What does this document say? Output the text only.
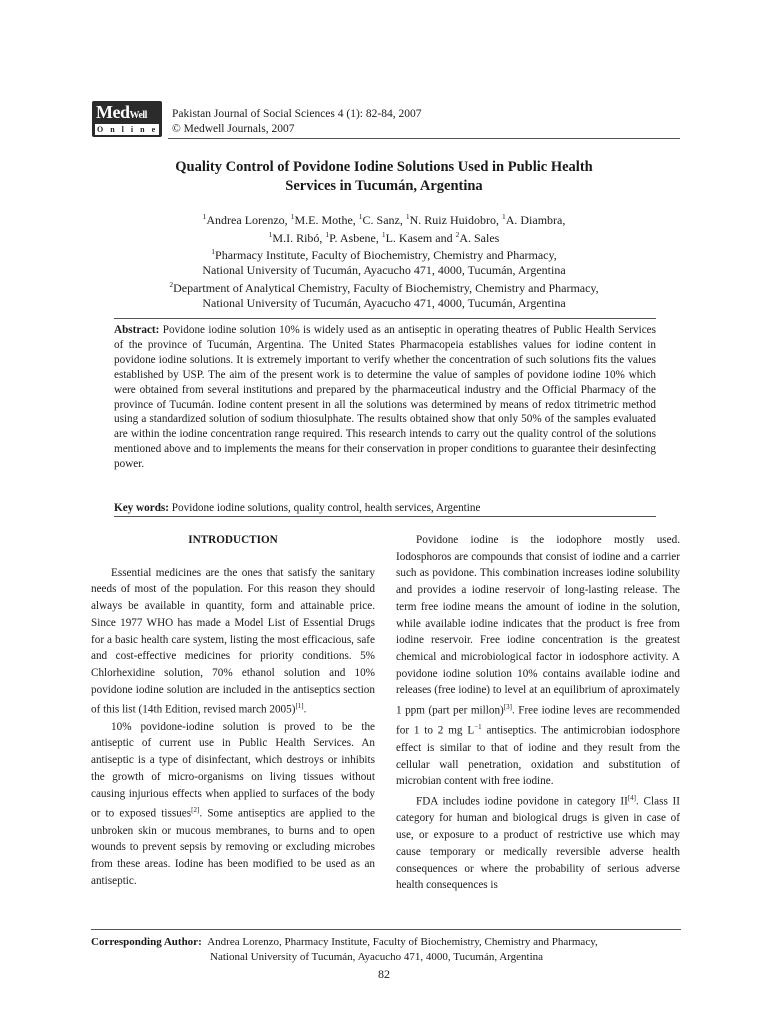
MedWell
Online
Pakistan Journal of Social Sciences 4 (1): 82-84, 2007
© Medwell Journals, 2007
Quality Control of Povidone Iodine Solutions Used in Public Health
Services in Tucumán, Argentina
$^1$Andrea Lorenzo, $^1$M.E. Mothe, $^1$C. Sanz, $^1$N. Ruiz Huidobro, $^1$A. Diambra,
$^1$M.I. Ribó, $^1$P. Asbene, $^1$L. Kasem and $^2$A. Sales
$^1$Pharmacy Institute, Faculty of Biochemistry, Chemistry and Pharmacy,
National University of Tucumán, Ayacucho 471, 4000, Tucumán, Argentina
$^2$Department of Analytical Chemistry, Faculty of Biochemistry, Chemistry and Pharmacy,
National University of Tucumán, Ayacucho 471, 4000, Tucumán, Argentina
Abstract: Povidone iodine solution 10% is widely used as an antiseptic in operating theatres of Public Health Services of the province of Tucumán, Argentina. The United States Pharmacopeia establishes values for iodine content in povidone iodine solutions. It is extremely important to verify whether the concentration of such solutions fits the values established by USP. The aim of the present work is to determine the value of samples of povidone iodine 10% which were obtained from several institutions and prepared by the pharmaceutical industry and the Official Pharmacy of the province of Tucumán. Iodine content present in all the solutions was determined by means of redox titrimetric method using a standardized solution of sodium thiosulphate. The results obtained show that only 50% of the samples evaluated are within the iodine concentration range required. This research intends to carry out the quality control of the solutions mentioned above and to implements the means for their conservation in proper conditions to guarantee their desinfecting power.
Key words: Povidone iodine solutions, quality control, health services, Argentine
INTRODUCTION

Essential medicines are the ones that satisfy the sanitary needs of most of the population. For this reason they should always be available in quantity, form and attainable price. Since 1977 WHO has made a Model List of Essential Drugs for a basic health care system, listing the most efficacious, safe and cost-effective medicines for priority conditions. 5% Chlorhexidine solution, 70% ethanol solution and 10% povidone iodine solution are included in the antiseptics section of this list (14th Edition, revised march 2005)[1].

10% povidone-iodine solution is proved to be the antiseptic of current use in Public Health Services. An antiseptic is a type of disinfectant, which destroys or inhibits the growth of micro-organisms on living tissues without causing injurious effects when applied to surfaces of the body or to exposed tissues[2]. Some antiseptics are applied to the unbroken skin or mucous membranes, to burns and to open wounds to prevent sepsis by removing or excluding microbes from these areas. Iodine has been modified to be used as an antiseptic.

Povidone iodine is the iodophore mostly used. Iodosphoros are compounds that consist of iodine and a carrier such as povidone. This combination increases iodine solubility and provides a iodine reservoir of long-lasting release. The term free iodine means the amount of iodine in the solution, while available iodine indicates that the product is free from iodine reservoir. Free iodine concentration is the greatest chemical and microbiological factor in iodosphore activity. A povidone iodine solution 10% contains available iodine and releases (free iodine) to level at an equilibrium of aproximately 1 ppm (part per millon)[3]. Free iodine leves are recommended for 1 to 2 mg $L^{-1}$ antiseptics. The antimicrobian iodosphore effect is similar to that of iodine and they result from the cellular wall penetration, oxidation and substitution of microbian content with free iodine.

FDA includes iodine povidone in category II[4]. Class II category for human and biological drugs is given in case of use, or exposure to a product of restrictive use which may cause temporary or medically reversible adverse health consequences or where the probability of serious adverse health consequences is

Corresponding Author: Andrea Lorenzo, Pharmacy Institute, Faculty of Biochemistry, Chemistry and Pharmacy,
National University of Tucumán, Ayacucho 471, 4000, Tucumán, Argentina
82
